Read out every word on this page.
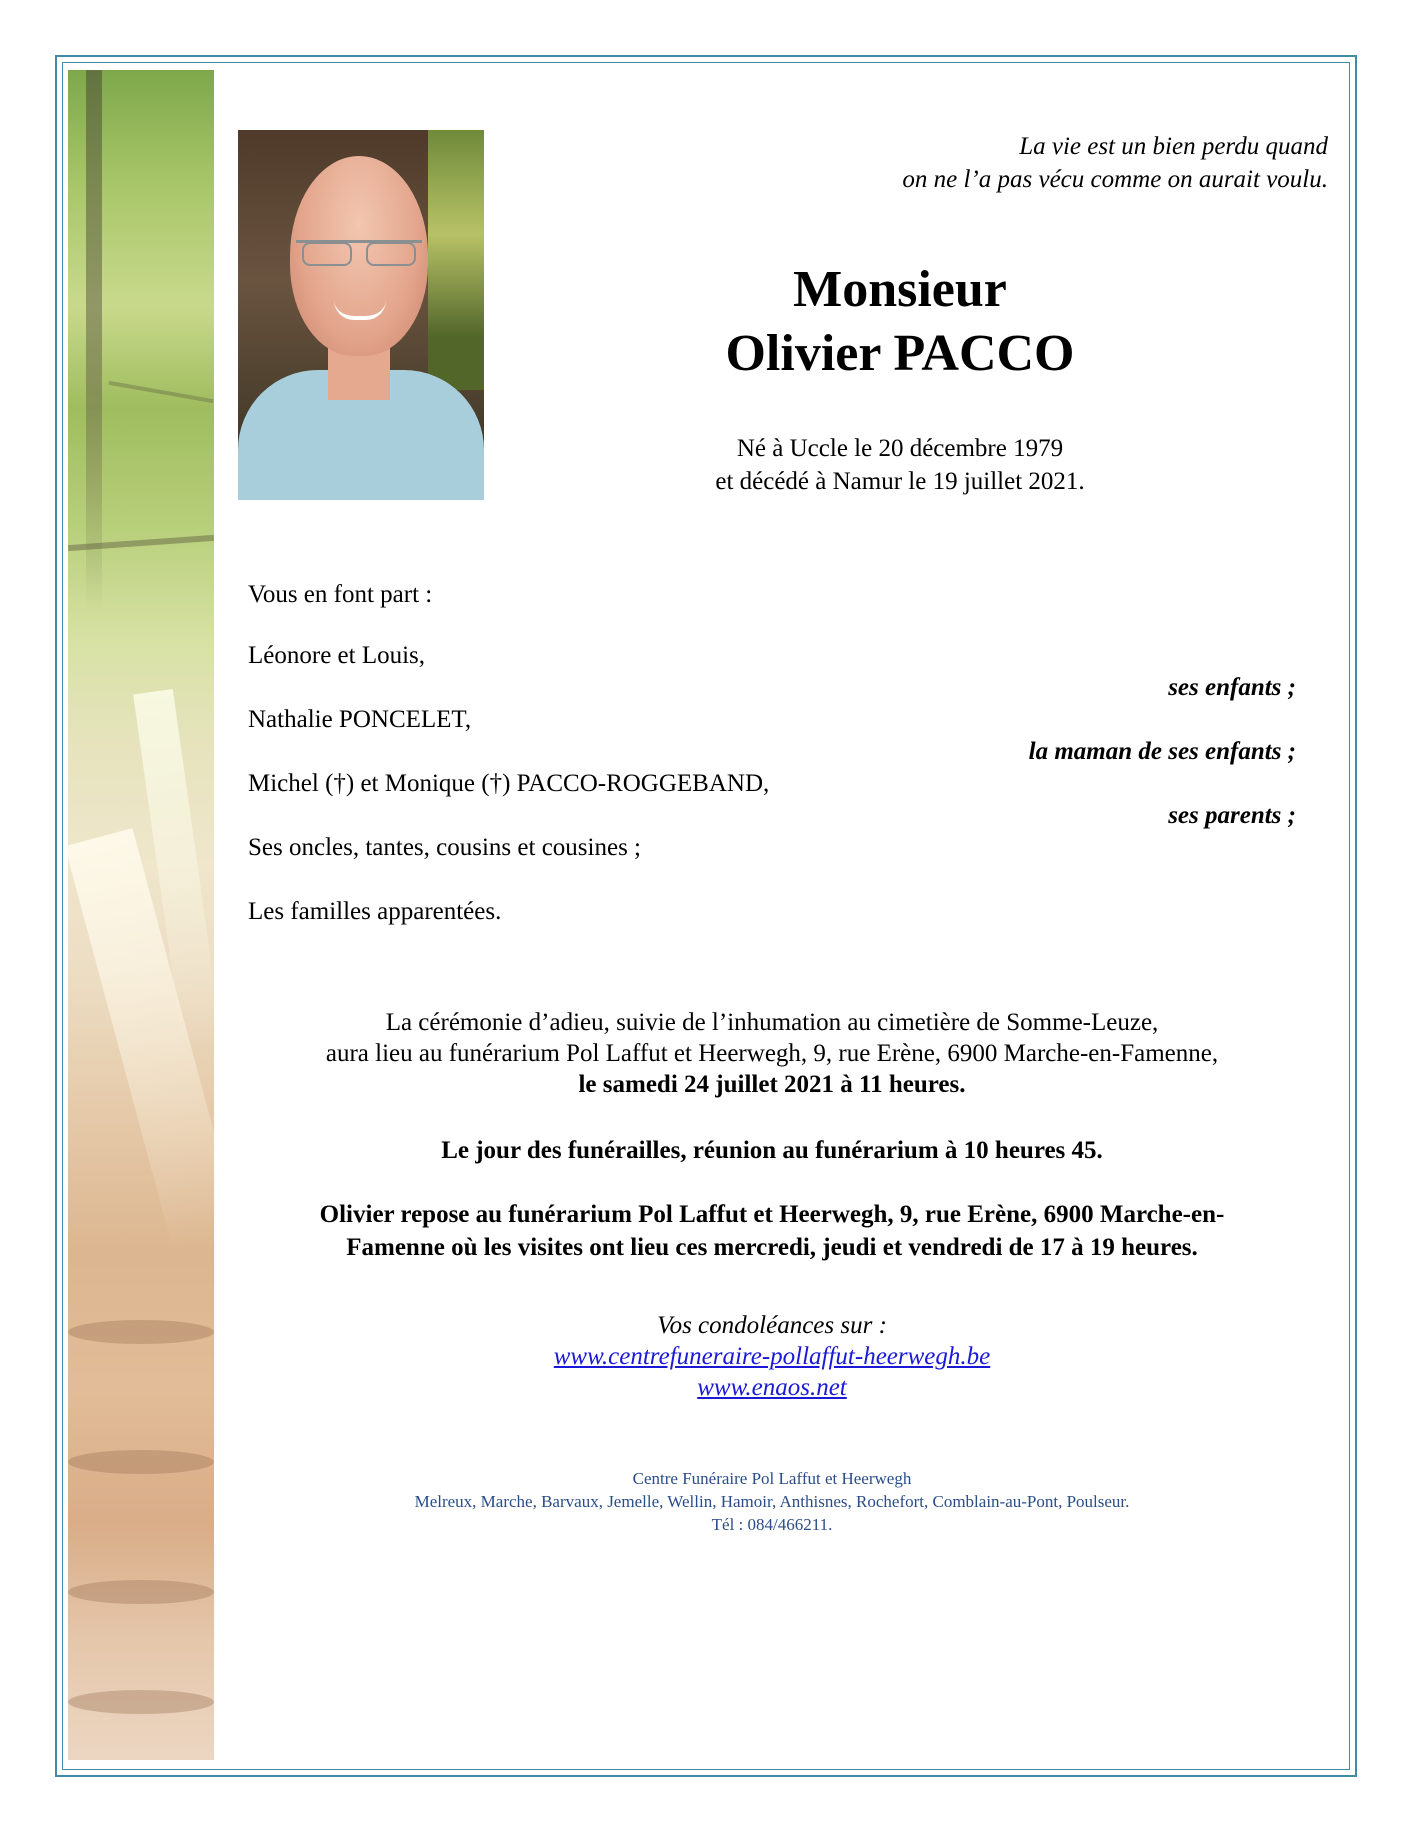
La vie est un bien perdu quand
on ne l’a pas vécu comme on aurait voulu.
Monsieur
Olivier PACCO
Né à Uccle le 20 décembre 1979
et décédé à Namur le 19 juillet 2021.
Vous en font part :
Léonore et Louis,
ses enfants ;
Nathalie PONCELET,
la maman de ses enfants ;
Michel (†) et Monique (†) PACCO-ROGGEBAND,
ses parents ;
Ses oncles, tantes, cousins et cousines ;
Les familles apparentées.
La cérémonie d’adieu, suivie de l’inhumation au cimetière de Somme-Leuze,
aura lieu au funérarium Pol Laffut et Heerwegh, 9, rue Erène, 6900 Marche-en-Famenne,
le samedi 24 juillet 2021 à 11 heures.
Le jour des funérailles, réunion au funérarium à 10 heures 45.
Olivier repose au funérarium Pol Laffut et Heerwegh, 9, rue Erène, 6900 Marche-en-
Famenne où les visites ont lieu ces mercredi, jeudi et vendredi de 17 à 19 heures.
Vos condoléances sur :
www.centrefuneraire-pollaffut-heerwegh.be
www.enaos.net
Centre Funéraire Pol Laffut et Heerwegh
Melreux, Marche, Barvaux, Jemelle, Wellin, Hamoir, Anthisnes, Rochefort, Comblain-au-Pont, Poulseur.
Tél : 084/466211.
